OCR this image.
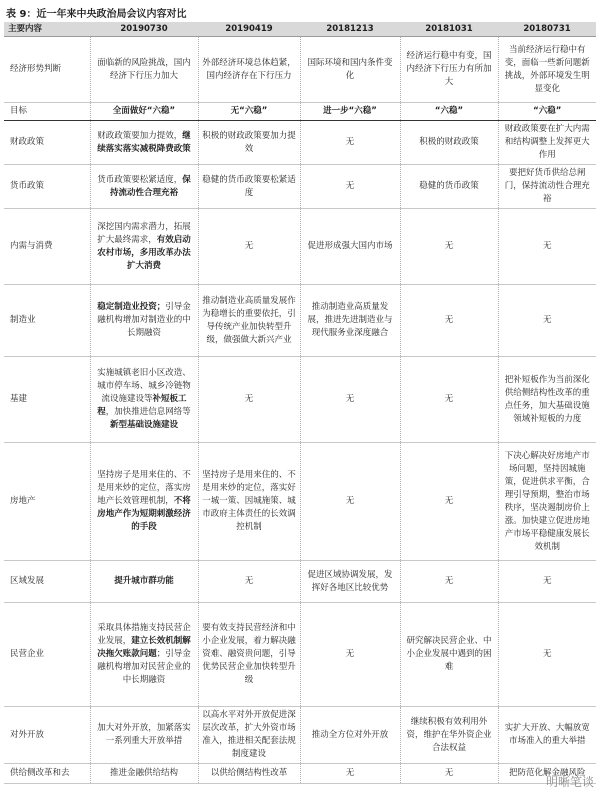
表 9：近一年来中央政治局会议内容对比
主要内容	20190730	20190419	20181213	20181031	20180731
经济形势判断	面临新的风险挑战，国内经济下行压力加大	外部经济环境总体趋紧，国内经济存在下行压力	国际环境和国内条件变化	经济运行稳中有变，国内经济下行压力有所加大	当前经济运行稳中有变，面临一些新问题新挑战，外部环境发生明显变化
目标	全面做好“六稳”	无“六稳”	进一步“六稳”	“六稳”	“六稳”
财政政策	财政政策要加力提效，继续落实落实减税降费政策	积极的财政政策要加力提效	无	积极的财政政策	财政政策要在扩大内需和结构调整上发挥更大作用
货币政策	货币政策要松紧适度，保持流动性合理充裕	稳健的货币政策要松紧适度	无	稳健的货币政策	要把好货币供给总闸门，保持流动性合理充裕
内需与消费	深挖国内需求潜力，拓展扩大最终需求，有效启动农村市场，多用改革办法扩大消费	无	促进形成强大国内市场	无	无
制造业	稳定制造业投资；引导金融机构增加对制造业的中长期融资	推动制造业高质量发展作为稳增长的重要依托，引导传统产业加快转型升级，做强做大新兴产业	推动制造业高质量发展，推进先进制造业与现代服务业深度融合	无	无
基建	实施城镇老旧小区改造、城市停车场、城乡冷链物流设施建设等补短板工程，加快推进信息网络等新型基础设施建设	无	无	无	把补短板作为当前深化供给侧结构性改革的重点任务，加大基础设施领域补短板的力度
房地产	坚持房子是用来住的、不是用来炒的定位，落实房地产长效管理机制，不将房地产作为短期刺激经济的手段	坚持房子是用来住的、不是用来炒的定位，落实好一城一策、因城施策、城市政府主体责任的长效调控机制	无	无	下决心解决好房地产市场问题，坚持因城施策，促进供求平衡，合理引导预期，整治市场秩序，坚决遏制房价上涨。加快建立促进房地产市场平稳健康发展长效机制
区域发展	提升城市群功能	无	促进区域协调发展，发挥好各地区比较优势	无	无
民营企业	采取具体措施支持民营企业发展，建立长效机制解决拖欠账款问题；引导金融机构增加对民营企业的中长期融资	要有效支持民营经济和中小企业发展，着力解决融资难、融资贵问题，引导优势民营企业加快转型升级	无	研究解决民营企业、中小企业发展中遇到的困难	无
对外开放	加大对外开放，加紧落实一系列重大开放举措	以高水平对外开放促进深层次改革，扩大外资市场准入，推进相关配套法规制度建设	推动全方位对外开放	继续积极有效利用外资，维护在华外资企业合法权益	实扩大开放、大幅放宽市场准入的重大举措
供给侧改革和去	推进金融供给结构	以供给侧结构性改革	无	无	把防范化解金融风险
明晰笔谈
